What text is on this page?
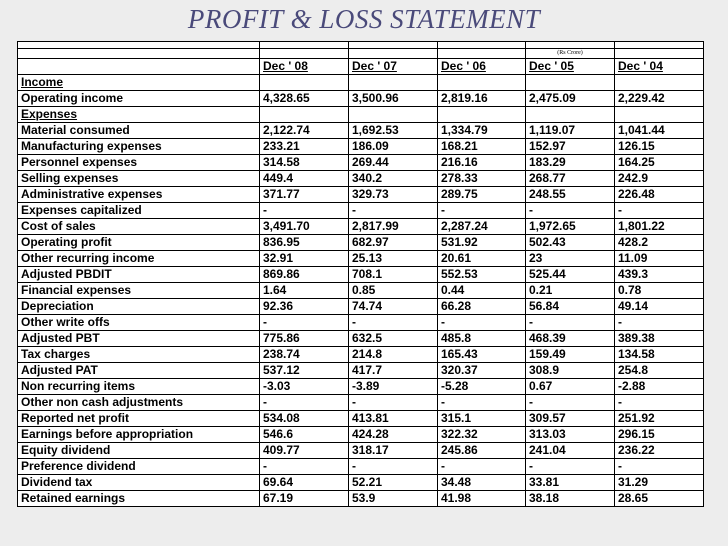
PROFIT & LOSS STATEMENT

				(Rs Crore)	
	Dec ' 08	Dec ' 07	Dec ' 06	Dec ' 05	Dec ' 04
Income					
Operating income	4,328.65	3,500.96	2,819.16	2,475.09	2,229.42
Expenses					
Material consumed	2,122.74	1,692.53	1,334.79	1,119.07	1,041.44
Manufacturing expenses	233.21	186.09	168.21	152.97	126.15
Personnel expenses	314.58	269.44	216.16	183.29	164.25
Selling expenses	449.4	340.2	278.33	268.77	242.9
Administrative expenses	371.77	329.73	289.75	248.55	226.48
Expenses capitalized	-	-	-	-	-
Cost of sales	3,491.70	2,817.99	2,287.24	1,972.65	1,801.22
Operating profit	836.95	682.97	531.92	502.43	428.2
Other recurring income	32.91	25.13	20.61	23	11.09
Adjusted PBDIT	869.86	708.1	552.53	525.44	439.3
Financial expenses	1.64	0.85	0.44	0.21	0.78
Depreciation	92.36	74.74	66.28	56.84	49.14
Other write offs	-	-	-	-	-
Adjusted PBT	775.86	632.5	485.8	468.39	389.38
Tax charges	238.74	214.8	165.43	159.49	134.58
Adjusted PAT	537.12	417.7	320.37	308.9	254.8
Non recurring items	-3.03	-3.89	-5.28	0.67	-2.88
Other non cash adjustments	-	-	-	-	-
Reported net profit	534.08	413.81	315.1	309.57	251.92
Earnings before appropriation	546.6	424.28	322.32	313.03	296.15
Equity dividend	409.77	318.17	245.86	241.04	236.22
Preference dividend	-	-	-	-	-
Dividend tax	69.64	52.21	34.48	33.81	31.29
Retained earnings	67.19	53.9	41.98	38.18	28.65
